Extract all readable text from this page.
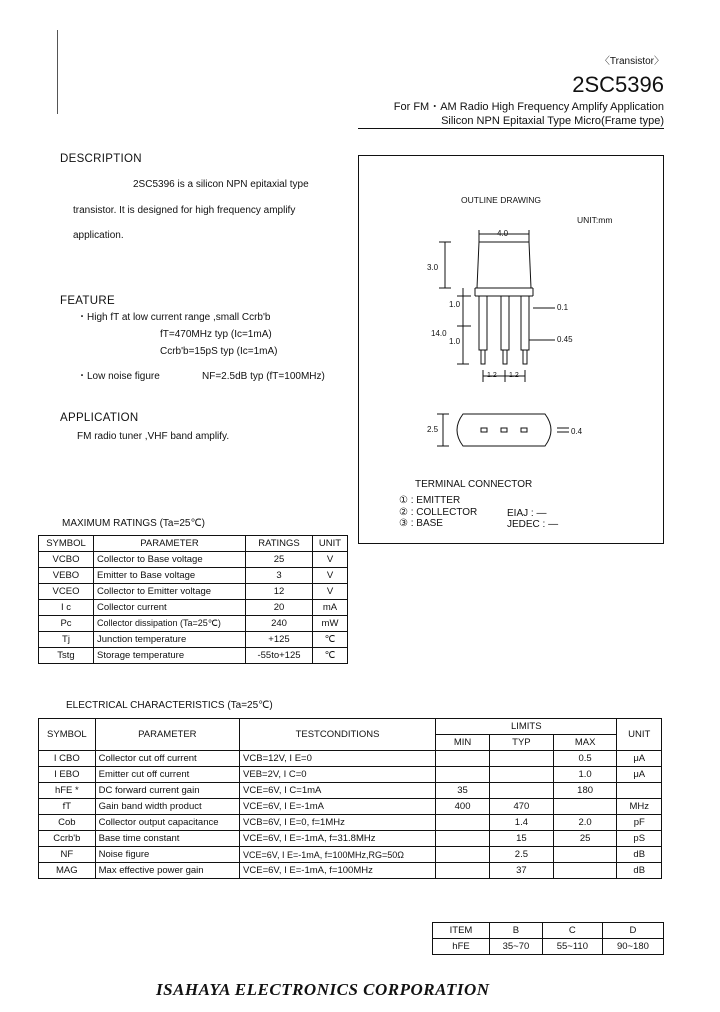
〈Transistor〉
2SC5396
For FM・AM Radio High Frequency Amplify Application
Silicon NPN Epitaxial Type Micro(Frame type)
DESCRIPTION
2SC5396 is a silicon NPN epitaxial type
transistor. It is designed for high frequency amplify
application.
FEATURE
・High fT at low current range ,small Ccrb'b
fT=470MHz typ (Ic=1mA)
Ccrb'b=15pS typ (Ic=1mA)
・Low noise figure	NF=2.5dB typ (fT=100MHz)
APPLICATION
FM radio tuner ,VHF band amplify.
OUTLINE DRAWING
UNIT:mm
4.0
3.0
1.0
14.0
1.0
0.1
0.45
1.2 1.2
2.5	0.4
TERMINAL CONNECTOR
① : EMITTER
② : COLLECTOR
③ : BASE
EIAJ : —
JEDEC : —
MAXIMUM RATINGS (Ta=25℃)
SYMBOL	PARAMETER	RATINGS	UNIT
VCBO	Collector to Base voltage	25	V
VEBO	Emitter to Base voltage	3	V
VCEO	Collector to Emitter voltage	12	V
I c	Collector current	20	mA
Pc	Collector dissipation (Ta=25℃)	240	mW
Tj	Junction temperature	+125	℃
Tstg	Storage temperature	-55to+125	℃
ELECTRICAL CHARACTERISTICS (Ta=25℃)
SYMBOL	PARAMETER	TESTCONDITIONS	LIMITS			UNIT
			MIN	TYP	MAX	
I CBO	Collector cut off current	VCB=12V, I E=0			0.5	μA
I EBO	Emitter cut off current	VEB=2V, I C=0			1.0	μA
hFE *	DC forward current gain	VCE=6V, I C=1mA	35		180	
fT	Gain band width product	VCE=6V, I E=-1mA	400	470		MHz
Cob	Collector output capacitance	VCB=6V, I E=0, f=1MHz		1.4	2.0	pF
Ccrb'b	Base time constant	VCE=6V, I E=-1mA, f=31.8MHz		15	25	pS
NF	Noise figure	VCE=6V, I E=-1mA, f=100MHz,RG=50Ω		2.5		dB
MAG	Max effective power gain	VCE=6V, I E=-1mA, f=100MHz		37		dB
ITEM	B	C	D
hFE	35~70	55~110	90~180
ISAHAYA ELECTRONICS CORPORATION
